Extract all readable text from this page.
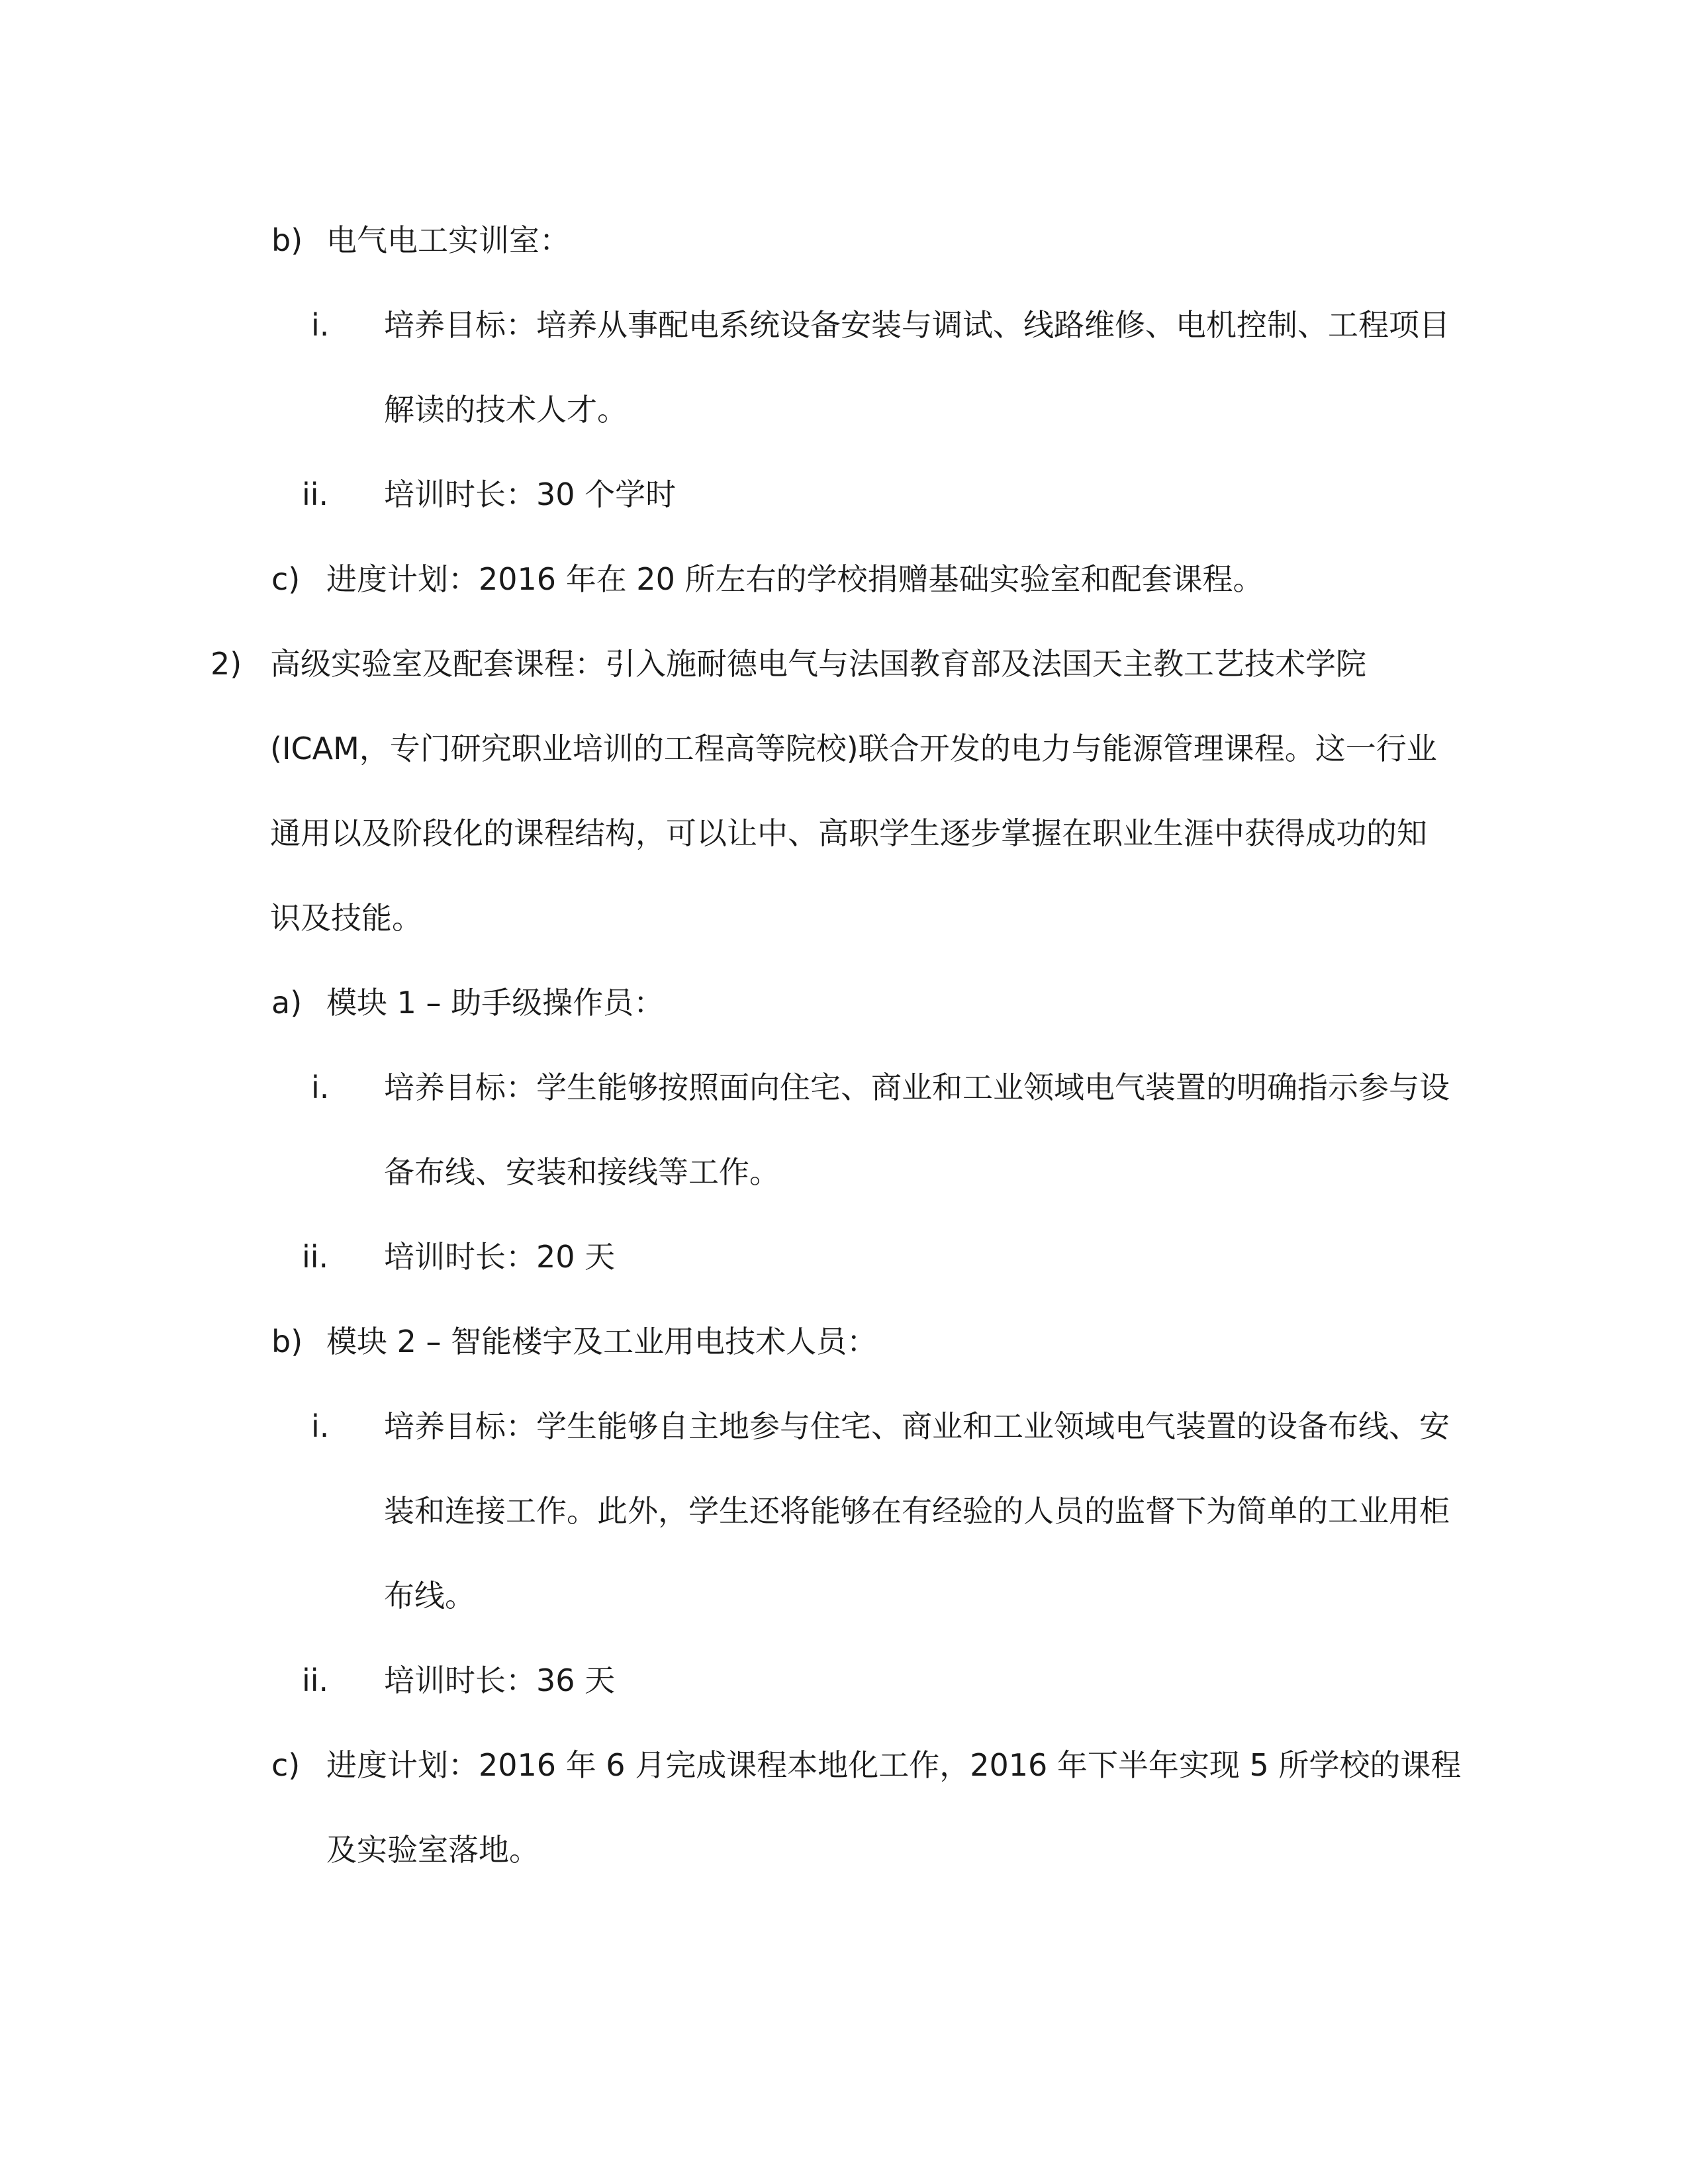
b) 电气电工实训室：
i. 培养目标：培养从事配电系统设备安装与调试、线路维修、电机控制、工程项目
解读的技术人才。
ii. 培训时长：30 个学时
c) 进度计划：2016 年在 20 所左右的学校捐赠基础实验室和配套课程。
2) 高级实验室及配套课程：引入施耐德电气与法国教育部及法国天主教工艺技术学院
(ICAM，专门研究职业培训的工程高等院校)联合开发的电力与能源管理课程。这一行业
通用以及阶段化的课程结构，可以让中、高职学生逐步掌握在职业生涯中获得成功的知
识及技能。
a) 模块 1 – 助手级操作员：
i. 培养目标：学生能够按照面向住宅、商业和工业领域电气装置的明确指示参与设
备布线、安装和接线等工作。
ii. 培训时长：20 天
b) 模块 2 – 智能楼宇及工业用电技术人员：
i. 培养目标：学生能够自主地参与住宅、商业和工业领域电气装置的设备布线、安
装和连接工作。此外，学生还将能够在有经验的人员的监督下为简单的工业用柜
布线。
ii. 培训时长：36 天
c) 进度计划：2016 年 6 月完成课程本地化工作，2016 年下半年实现 5 所学校的课程
及实验室落地。
